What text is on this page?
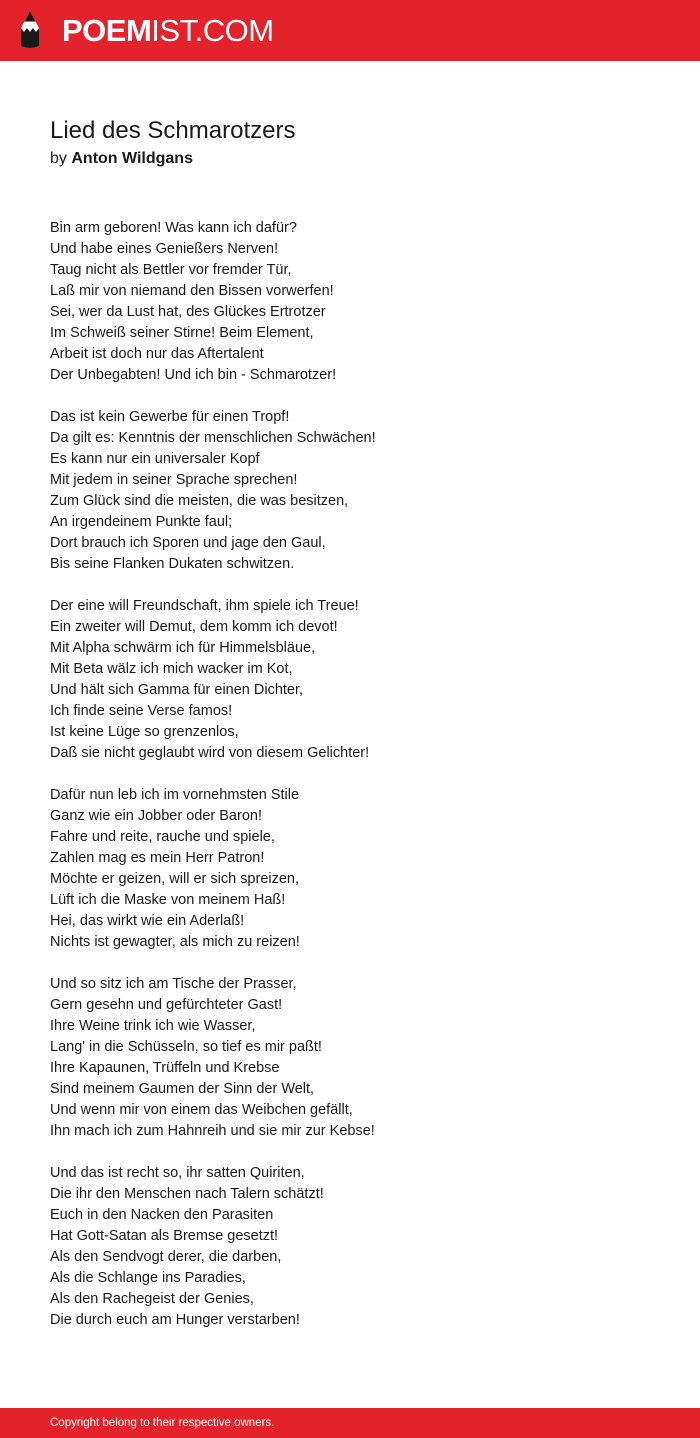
POEMIST.COM
Lied des Schmarotzers
by Anton Wildgans
Bin arm geboren! Was kann ich dafür?
Und habe eines Genießers Nerven!
Taug nicht als Bettler vor fremder Tür,
Laß mir von niemand den Bissen vorwerfen!
Sei, wer da Lust hat, des Glückes Ertrotzer
Im Schweiß seiner Stirne! Beim Element,
Arbeit ist doch nur das Aftertalent
Der Unbegabten! Und ich bin - Schmarotzer!
Das ist kein Gewerbe für einen Tropf!
Da gilt es: Kenntnis der menschlichen Schwächen!
Es kann nur ein universaler Kopf
Mit jedem in seiner Sprache sprechen!
Zum Glück sind die meisten, die was besitzen,
An irgendeinem Punkte faul;
Dort brauch ich Sporen und jage den Gaul,
Bis seine Flanken Dukaten schwitzen.
Der eine will Freundschaft, ihm spiele ich Treue!
Ein zweiter will Demut, dem komm ich devot!
Mit Alpha schwärm ich für Himmelsbläue,
Mit Beta wälz ich mich wacker im Kot,
Und hält sich Gamma für einen Dichter,
Ich finde seine Verse famos!
Ist keine Lüge so grenzenlos,
Daß sie nicht geglaubt wird von diesem Gelichter!
Dafür nun leb ich im vornehmsten Stile
Ganz wie ein Jobber oder Baron!
Fahre und reite, rauche und spiele,
Zahlen mag es mein Herr Patron!
Möchte er geizen, will er sich spreizen,
Lüft ich die Maske von meinem Haß!
Hei, das wirkt wie ein Aderlaß!
Nichts ist gewagter, als mich zu reizen!
Und so sitz ich am Tische der Prasser,
Gern gesehn und gefürchteter Gast!
Ihre Weine trink ich wie Wasser,
Lang' in die Schüsseln, so tief es mir paßt!
Ihre Kapaunen, Trüffeln und Krebse
Sind meinem Gaumen der Sinn der Welt,
Und wenn mir von einem das Weibchen gefällt,
Ihn mach ich zum Hahnreih und sie mir zur Kebse!
Und das ist recht so, ihr satten Quiriten,
Die ihr den Menschen nach Talern schätzt!
Euch in den Nacken den Parasiten
Hat Gott-Satan als Bremse gesetzt!
Als den Sendvogt derer, die darben,
Als die Schlange ins Paradies,
Als den Rachegeist der Genies,
Die durch euch am Hunger verstarben!
Copyright belong to their respective owners.
